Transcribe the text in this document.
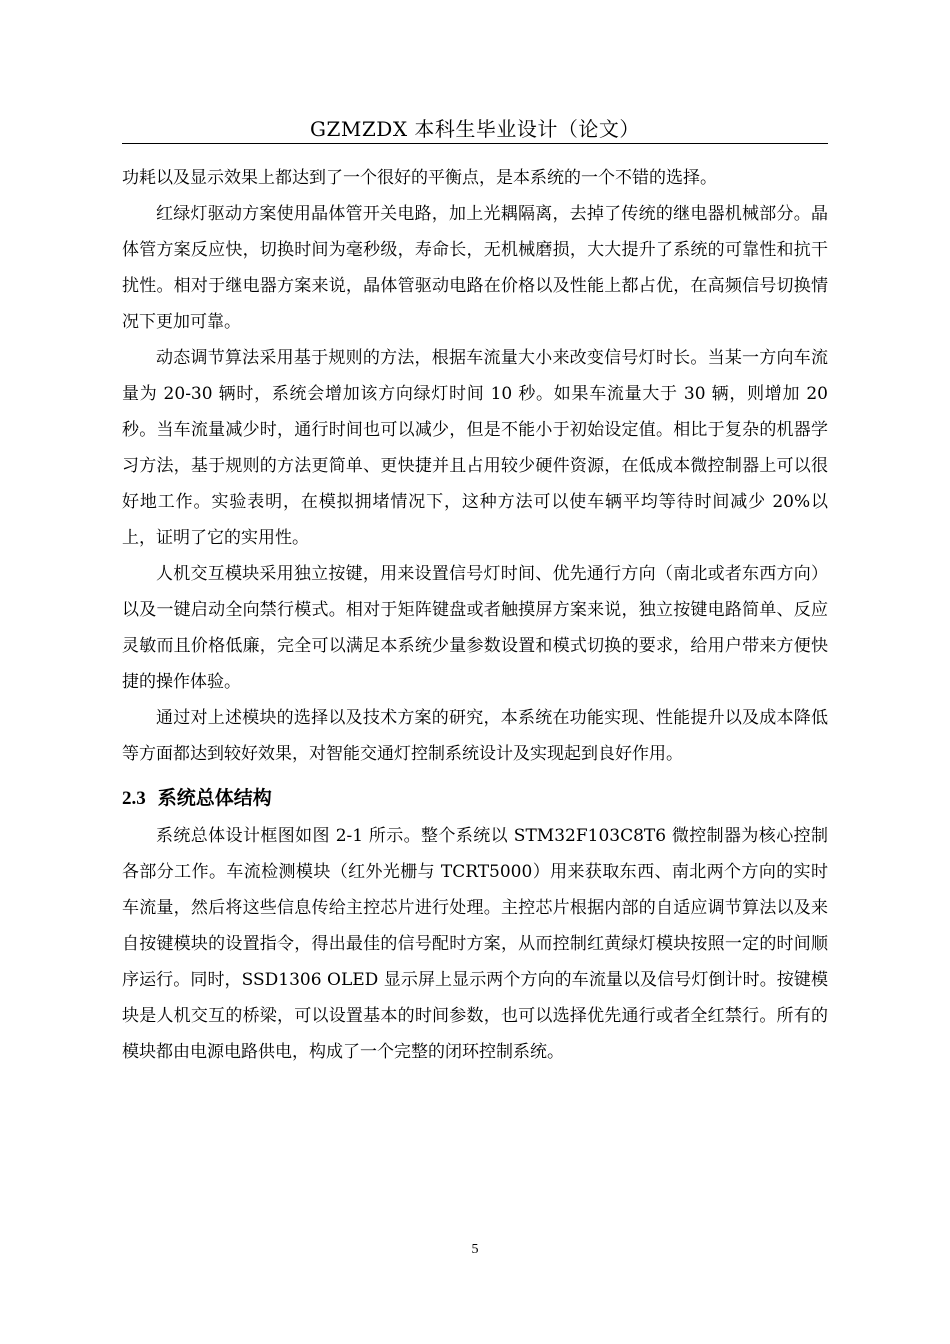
GZMZDX 本科生毕业设计（论文）

功耗以及显示效果上都达到了一个很好的平衡点，是本系统的一个不错的选择。

红绿灯驱动方案使用晶体管开关电路，加上光耦隔离，去掉了传统的继电器机械部分。晶体管方案反应快，切换时间为毫秒级，寿命长，无机械磨损，大大提升了系统的可靠性和抗干扰性。相对于继电器方案来说，晶体管驱动电路在价格以及性能上都占优，在高频信号切换情况下更加可靠。

动态调节算法采用基于规则的方法，根据车流量大小来改变信号灯时长。当某一方向车流量为 20-30 辆时，系统会增加该方向绿灯时间 10 秒。如果车流量大于 30 辆，则增加 20 秒。当车流量减少时，通行时间也可以减少，但是不能小于初始设定值。相比于复杂的机器学习方法，基于规则的方法更简单、更快捷并且占用较少硬件资源，在低成本微控制器上可以很好地工作。实验表明，在模拟拥堵情况下，这种方法可以使车辆平均等待时间减少 20%以上，证明了它的实用性。

人机交互模块采用独立按键，用来设置信号灯时间、优先通行方向（南北或者东西方向）以及一键启动全向禁行模式。相对于矩阵键盘或者触摸屏方案来说，独立按键电路简单、反应灵敏而且价格低廉，完全可以满足本系统少量参数设置和模式切换的要求，给用户带来方便快捷的操作体验。

通过对上述模块的选择以及技术方案的研究，本系统在功能实现、性能提升以及成本降低等方面都达到较好效果，对智能交通灯控制系统设计及实现起到良好作用。

2.3 系统总体结构

系统总体设计框图如图 2-1 所示。整个系统以 STM32F103C8T6 微控制器为核心控制各部分工作。车流检测模块（红外光栅与 TCRT5000）用来获取东西、南北两个方向的实时车流量，然后将这些信息传给主控芯片进行处理。主控芯片根据内部的自适应调节算法以及来自按键模块的设置指令，得出最佳的信号配时方案，从而控制红黄绿灯模块按照一定的时间顺序运行。同时，SSD1306 OLED 显示屏上显示两个方向的车流量以及信号灯倒计时。按键模块是人机交互的桥梁，可以设置基本的时间参数，也可以选择优先通行或者全红禁行。所有的模块都由电源电路供电，构成了一个完整的闭环控制系统。

5
